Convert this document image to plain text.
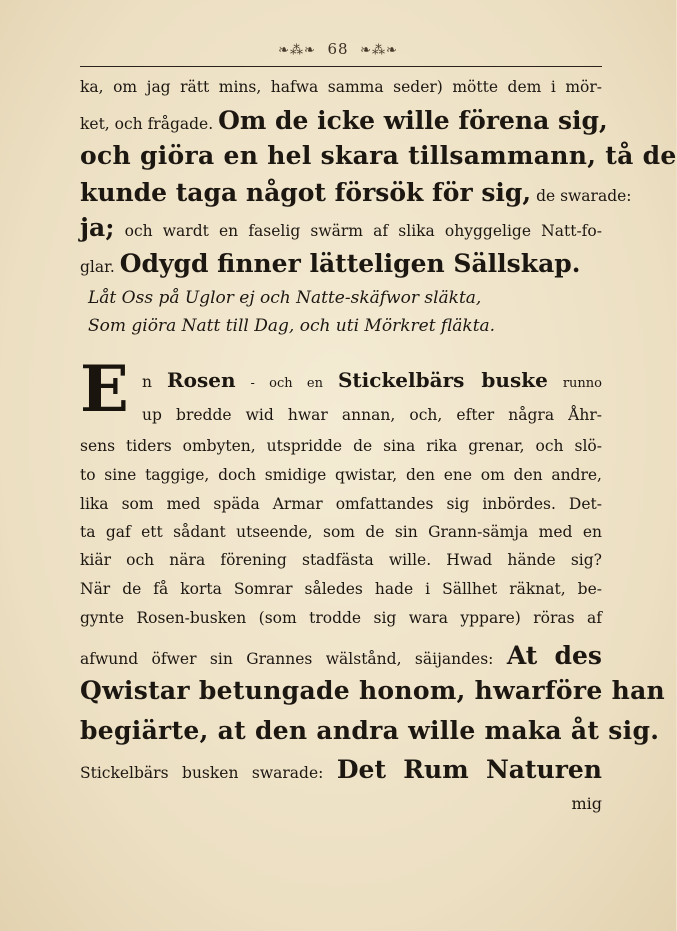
❧⁂❧ 68 ❧⁂❧
ka, om jag rätt mins, hafwa samma seder) mötte dem i mör-
ket, och frågade. Om de icke wille förena sig,
och giöra en hel skara tillsammann, tå de
kunde taga något försök för sig, de swarade:
ja; och wardt en faselig swärm af slika ohyggelige Natt-fo-
glar. Odygd finner lätteligen Sällskap.
Låt Oss på Uglor ej och Natte-skäfwor släkta,
Som giöra Natt till Dag, och uti Mörkret fläkta.
n Rosen - och en Stickelbärs buske runno
up bredde wid hwar annan, och, efter några Åhr-
sens tiders ombyten, utspridde de sina rika grenar, och slö-
to sine taggige, doch smidige qwistar, den ene om den andre,
lika som med späda Armar omfattandes sig inbördes. Det-
ta gaf ett sådant utseende, som de sin Grann-sämja med en
kiär och nära förening stadfästa wille. Hwad hände sig?
När de få korta Somrar således hade i Sällhet räknat, be-
gynte Rosen-busken (som trodde sig wara yppare) röras af
afwund öfwer sin Grannes wälstånd, säijandes: At des
Qwistar betungade honom, hwarföre han
begiärte, at den andra wille maka åt sig.
Stickelbärs busken swarade: Det Rum Naturen
E
mig
